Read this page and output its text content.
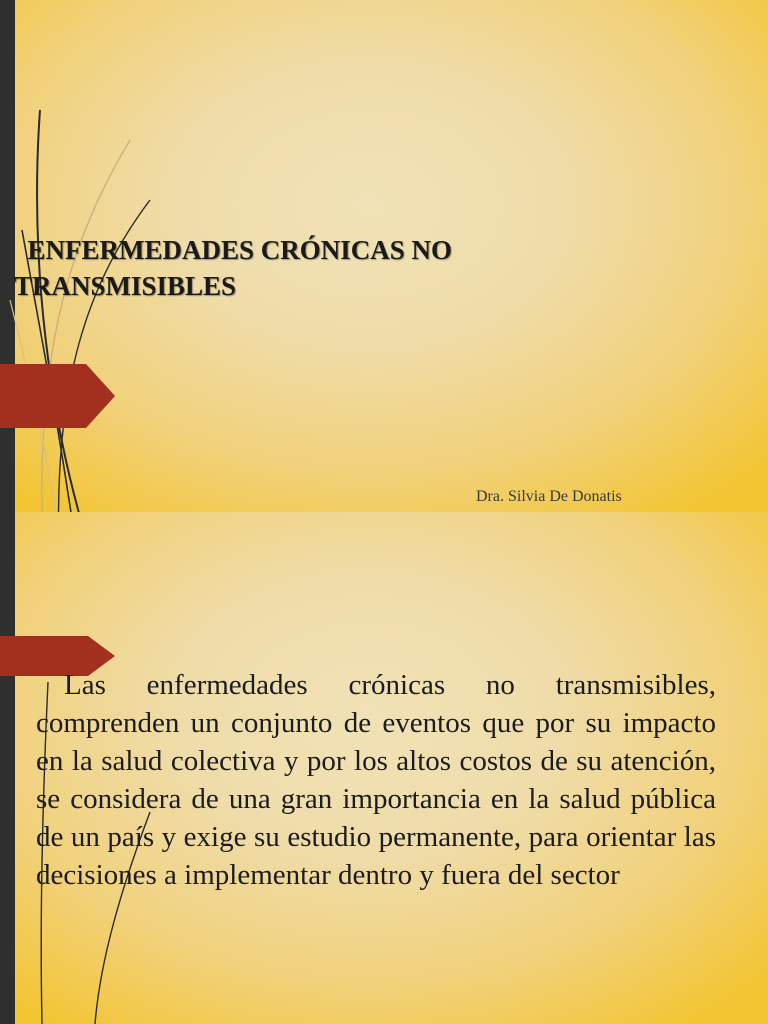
ENFERMEDADES CRÓNICAS NO
TRANSMISIBLES
Dra. Silvia De Donatis
Las enfermedades crónicas no transmisibles, comprenden un conjunto de eventos que por su impacto en la salud colectiva y por los altos costos de su atención, se considera de una gran importancia en la salud pública de un país y exige su estudio permanente, para orientar las decisiones a implementar dentro y fuera del sector
